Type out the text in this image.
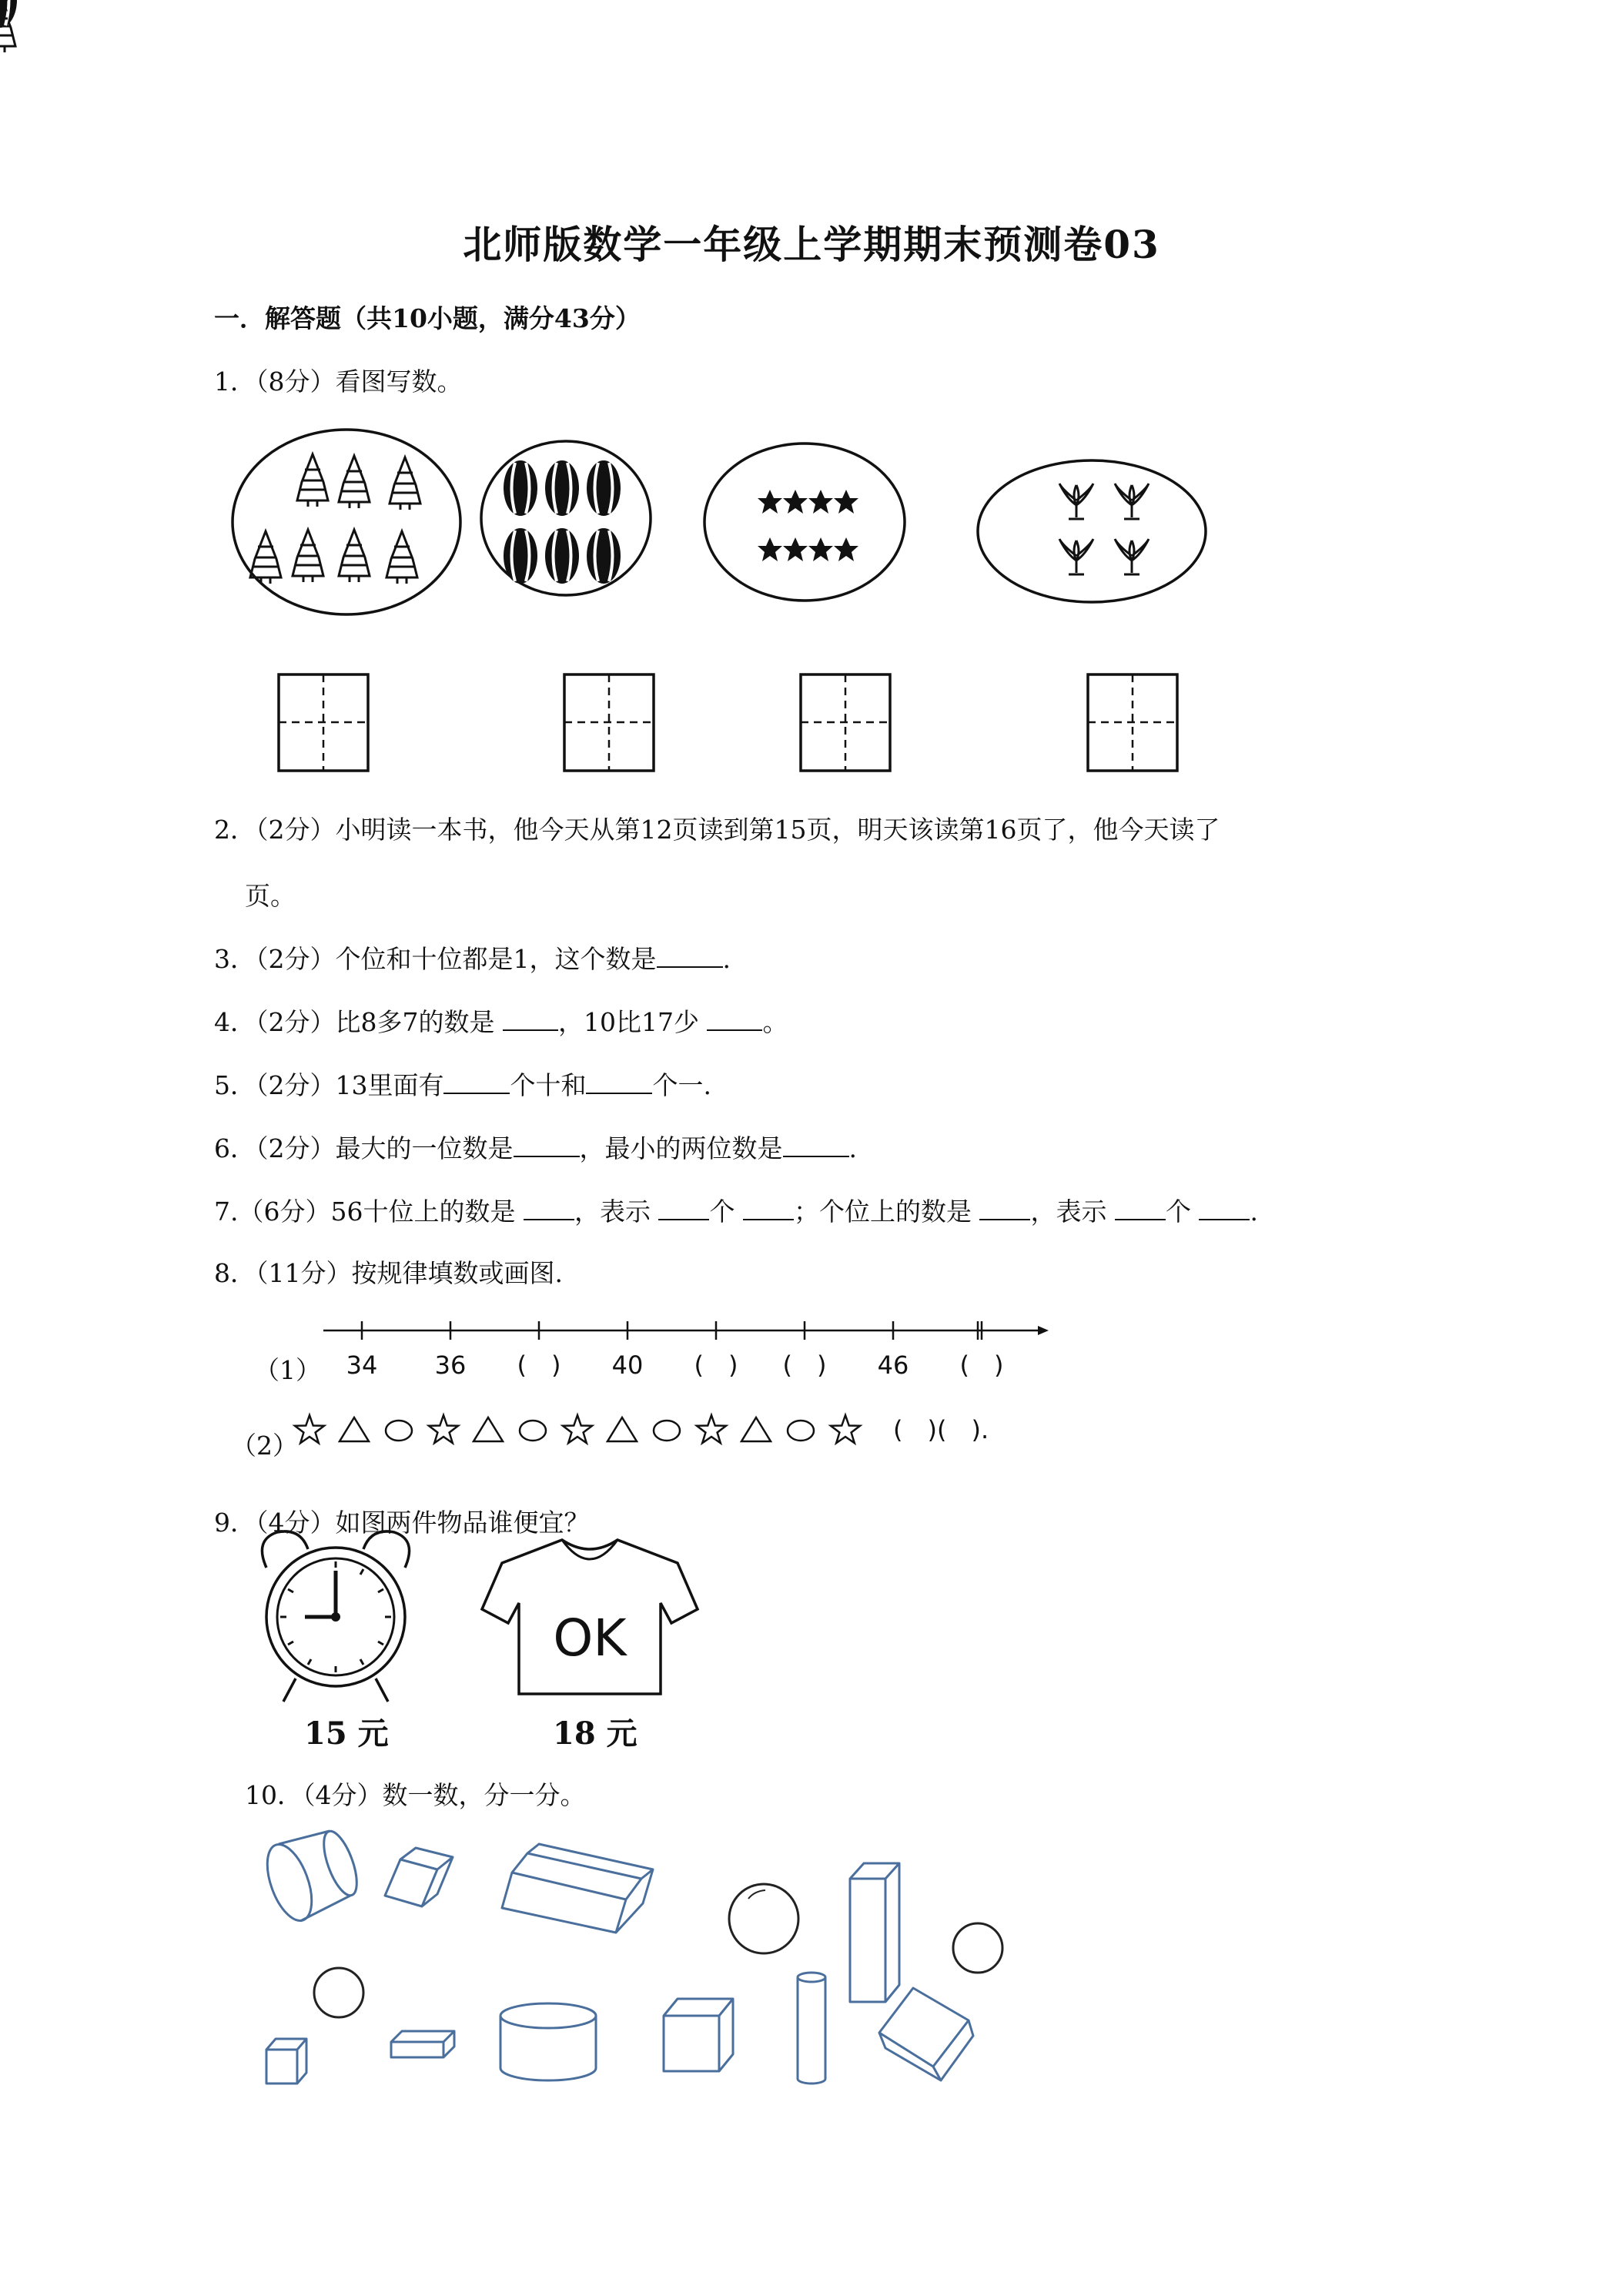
北师版数学一年级上学期期末预测卷03
一．解答题（共10小题，满分43分）
1．（8分）看图写数。
2．（2分）小明读一本书，他今天从第12页读到第15页，明天该读第16页了，他今天读了
页。
3．（2分）个位和十位都是1，这个数是	.
4．（2分）比8多7的数是 ，10比17少 。
5．（2分）13里面有	个十和	个一.
6．（2分）最大的一位数是	，最小的两位数是	.
7.（6分）56十位上的数是 ，表示 个 ；个位上的数是 ，表示 个 .
8．（11分）按规律填数或画图.
（1）
（2）
34 36 (　) 40 (　) (　) 46 (　)
(　)(　).
9．（4分）如图两件物品谁便宜？
OK
15 元	18 元
10．（4分）数一数，分一分。
